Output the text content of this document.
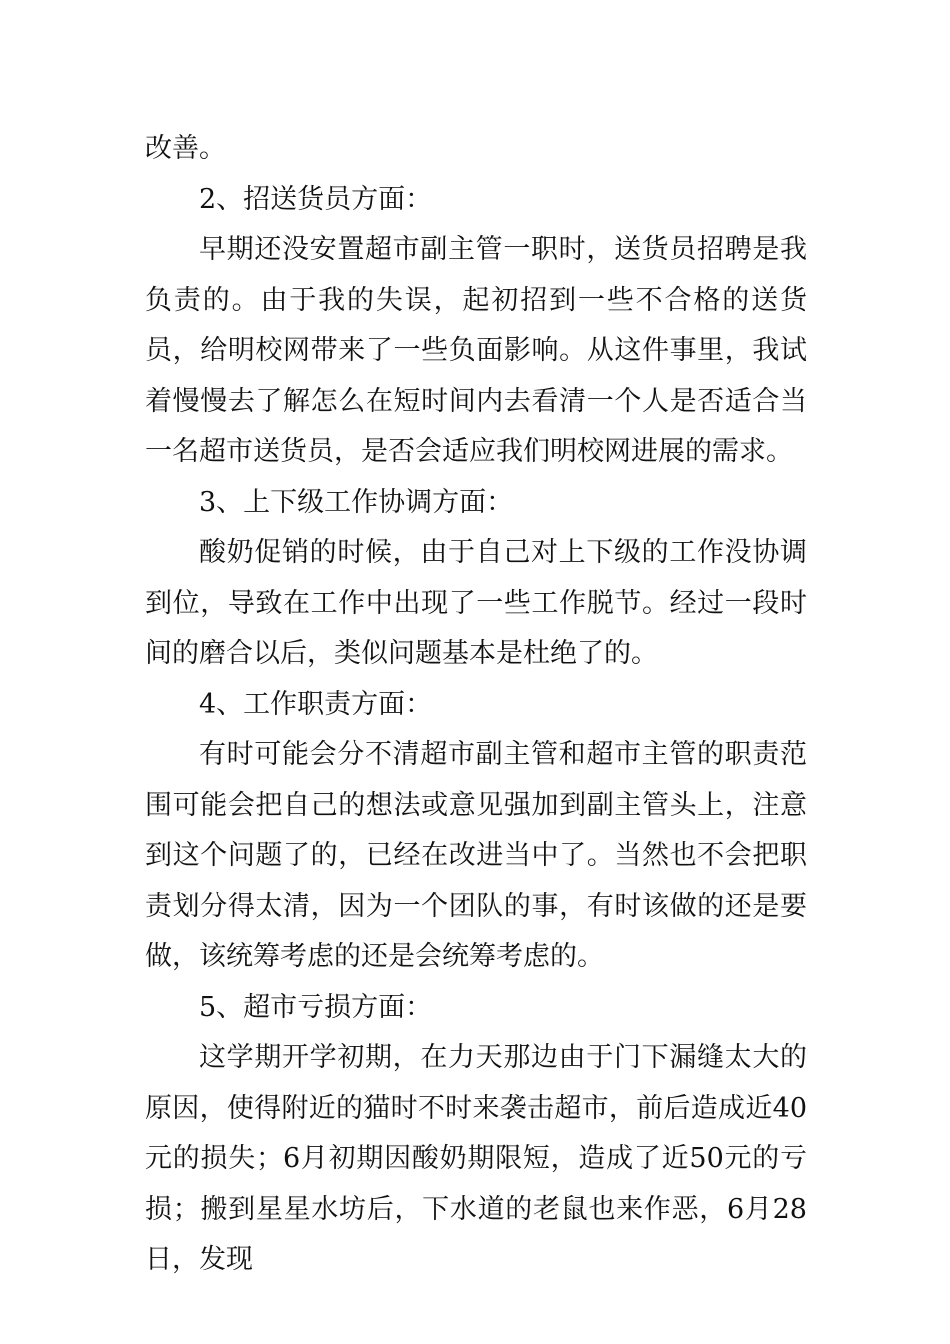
改善。

2、招送货员方面：

早期还没安置超市副主管一职时，送货员招聘是我负责的。由于我的失误，起初招到一些不合格的送货员，给明校网带来了一些负面影响。从这件事里，我试着慢慢去了解怎么在短时间内去看清一个人是否适合当一名超市送货员，是否会适应我们明校网进展的需求。

3、上下级工作协调方面：

酸奶促销的时候，由于自己对上下级的工作没协调到位，导致在工作中出现了一些工作脱节。经过一段时间的磨合以后，类似问题基本是杜绝了的。

4、工作职责方面：

有时可能会分不清超市副主管和超市主管的职责范围可能会把自己的想法或意见强加到副主管头上，注意到这个问题了的，已经在改进当中了。当然也不会把职责划分得太清，因为一个团队的事，有时该做的还是要做，该统筹考虑的还是会统筹考虑的。

5、超市亏损方面：

这学期开学初期，在力天那边由于门下漏缝太大的原因，使得附近的猫时不时来袭击超市，前后造成近40元的损失；6月初期因酸奶期限短，造成了近50元的亏损；搬到星星水坊后，下水道的老鼠也来作恶，6月28日，发现
